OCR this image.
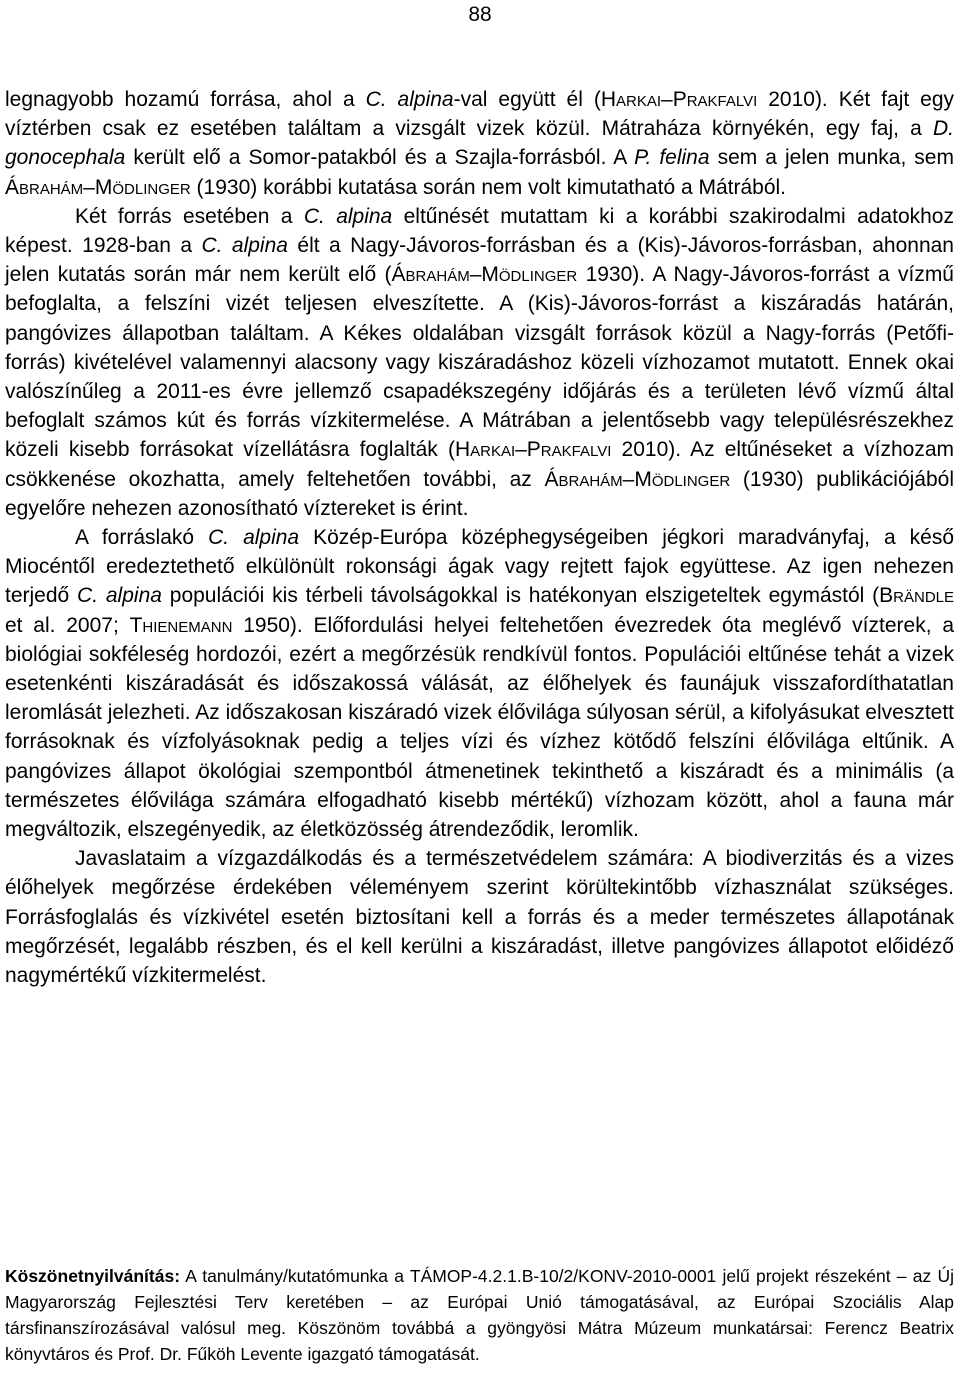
88

legnagyobb hozamú forrása, ahol a C. alpina-val együtt él (Harkai–Prakfalvi 2010). Két fajt egy víztérben csak ez esetében találtam a vizsgált vizek közül. Mátraháza környékén, egy faj, a D. gonocephala került elő a Somor-patakból és a Szajla-forrásból. A P. felina sem a jelen munka, sem Ábrahám–Mödlinger (1930) korábbi kutatása során nem volt kimutatható a Mátrából.

Két forrás esetében a C. alpina eltűnését mutattam ki a korábbi szakirodalmi adatokhoz képest. 1928-ban a C. alpina élt a Nagy-Jávoros-forrásban és a (Kis)-Jávoros-forrásban, ahonnan jelen kutatás során már nem került elő (Ábrahám–Mödlinger 1930). A Nagy-Jávoros-forrást a vízmű befoglalta, a felszíni vizét teljesen elveszítette. A (Kis)-Jávoros-forrást a kiszáradás határán, pangóvizes állapotban találtam. A Kékes oldalában vizsgált források közül a Nagy-forrás (Petőfi-forrás) kivételével valamennyi alacsony vagy kiszáradáshoz közeli vízhozamot mutatott. Ennek okai valószínűleg a 2011-es évre jellemző csapadékszegény időjárás és a területen lévő vízmű által befoglalt számos kút és forrás vízkitermelése. A Mátrában a jelentősebb vagy településrészekhez közeli kisebb forrásokat vízellátásra foglalták (Harkai–Prakfalvi 2010). Az eltűnéseket a vízhozam csökkenése okozhatta, amely feltehetően további, az Ábrahám–Mödlinger (1930) publikációjából egyelőre nehezen azonosítható víztereket is érint.

A forráslakó C. alpina Közép-Európa középhegységeiben jégkori maradványfaj, a késő Miocéntől eredeztethető elkülönült rokonsági ágak vagy rejtett fajok együttese. Az igen nehezen terjedő C. alpina populációi kis térbeli távolságokkal is hatékonyan elszigeteltek egymástól (Brändle et al. 2007; Thienemann 1950). Előfordulási helyei feltehetően évezredek óta meglévő vízterek, a biológiai sokféleség hordozói, ezért a megőrzésük rendkívül fontos. Populációi eltűnése tehát a vizek esetenkénti kiszáradását és időszakossá válását, az élőhelyek és faunájuk visszafordíthatatlan leromlását jelezheti. Az időszakosan kiszáradó vizek élővilága súlyosan sérül, a kifolyásukat elvesztett forrásoknak és vízfolyásoknak pedig a teljes vízi és vízhez kötődő felszíni élővilága eltűnik. A pangóvizes állapot ökológiai szempontból átmenetinek tekinthető a kiszáradt és a minimális (a természetes élővilága számára elfogadható kisebb mértékű) vízhozam között, ahol a fauna már megváltozik, elszegényedik, az életközösség átrendeződik, leromlik.

Javaslataim a vízgazdálkodás és a természetvédelem számára: A biodiverzitás és a vizes élőhelyek megőrzése érdekében véleményem szerint körültekintőbb vízhasználat szükséges. Forrásfoglalás és vízkivétel esetén biztosítani kell a forrás és a meder természetes állapotának megőrzését, legalább részben, és el kell kerülni a kiszáradást, illetve pangóvizes állapotot előidéző nagymértékű vízkitermelést.

Köszönetnyilvánítás: A tanulmány/kutatómunka a TÁMOP-4.2.1.B-10/2/KONV-2010-0001 jelű projekt részeként – az Új Magyarország Fejlesztési Terv keretében – az Európai Unió támogatásával, az Európai Szociális Alap társfinanszírozásával valósul meg. Köszönöm továbbá a gyöngyösi Mátra Múzeum munkatársai: Ferencz Beatrix könyvtáros és Prof. Dr. Fűköh Levente igazgató támogatását.
